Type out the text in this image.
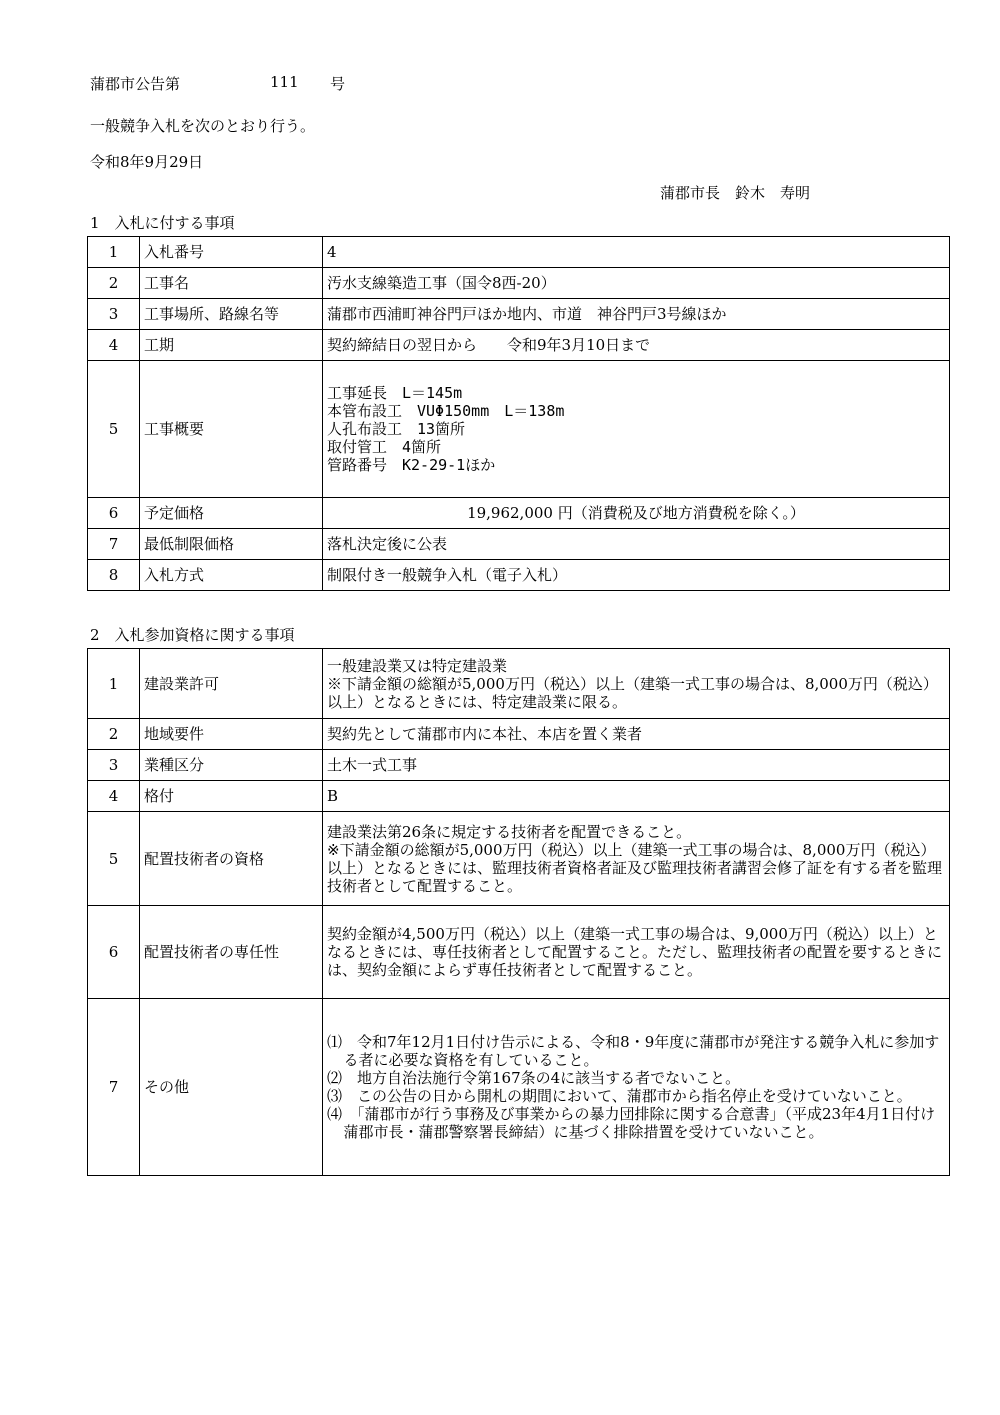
蒲郡市公告第	111 号
一般競争入札を次のとおり行う。
令和8年9月29日
蒲郡市長　鈴木　寿明
1　入札に付する事項
1	入札番号	4
2	工事名	汚水支線築造工事（国令8西‐20）
3	工事場所、路線名等	蒲郡市西浦町神谷門戸ほか地内、市道　神谷門戸3号線ほか
4	工期	契約締結日の翌日から　　令和9年3月10日まで
5	工事概要	工事延長　L＝145m
本管布設工　VUΦ150mm　L＝138m
人孔布設工　13箇所
取付管工　4箇所
管路番号　K2-29-1ほか
6	予定価格	19,962,000 円（消費税及び地方消費税を除く。）
7	最低制限価格	落札決定後に公表
8	入札方式	制限付き一般競争入札（電子入札）
2　入札参加資格に関する事項
1	建設業許可	一般建設業又は特定建設業
※下請金額の総額が5,000万円（税込）以上（建築一式工事の場合は、8,000万円（税込）以上）となるときには、特定建設業に限る。
2	地域要件	契約先として蒲郡市内に本社、本店を置く業者
3	業種区分	土木一式工事
4	格付	B
5	配置技術者の資格	建設業法第26条に規定する技術者を配置できること。
※下請金額の総額が5,000万円（税込）以上（建築一式工事の場合は、8,000万円（税込）以上）となるときには、監理技術者資格者証及び監理技術者講習会修了証を有する者を監理技術者として配置すること。
6	配置技術者の専任性	契約金額が4,500万円（税込）以上（建築一式工事の場合は、9,000万円（税込）以上）となるときには、専任技術者として配置すること。ただし、監理技術者の配置を要するときには、契約金額によらず専任技術者として配置すること。
7	その他	⑴　令和7年12月1日付け告示による、令和8・9年度に蒲郡市が発注する競争入札に参加する者に必要な資格を有していること。
⑵　地方自治法施行令第167条の4に該当する者でないこと。
⑶　この公告の日から開札の期間において、蒲郡市から指名停止を受けていないこと。
⑷　「蒲郡市が行う事務及び事業からの暴力団排除に関する合意書」（平成23年4月1日付け蒲郡市長・蒲郡警察署長締結）に基づく排除措置を受けていないこと。
